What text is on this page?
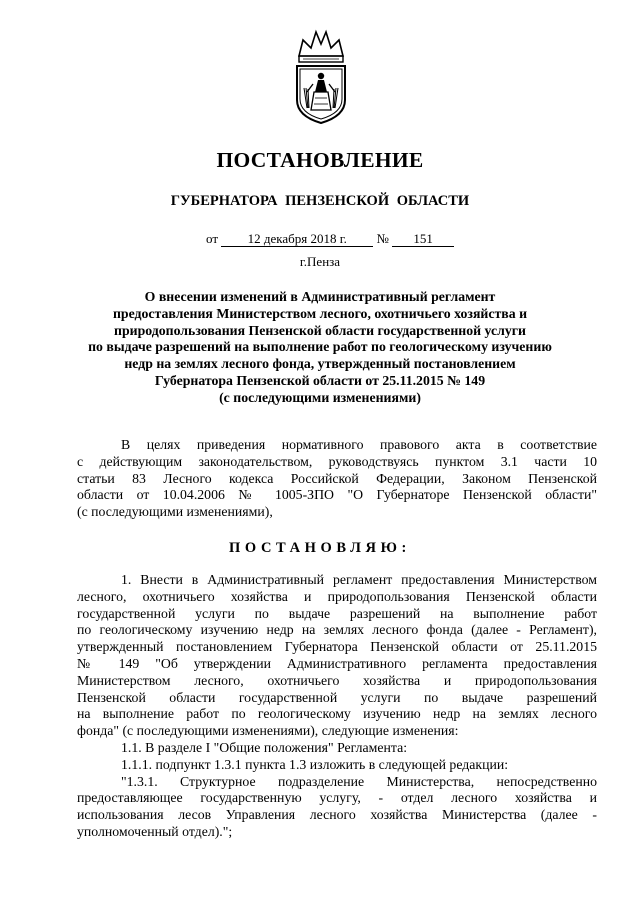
ПОСТАНОВЛЕНИЕ
ГУБЕРНАТОРА ПЕНЗЕНСКОЙ ОБЛАСТИ
от 12 декабря 2018 г. № 151
г.Пенза
О внесении изменений в Административный регламент
предоставления Министерством лесного, охотничьего хозяйства и
природопользования Пензенской области государственной услуги
по выдаче разрешений на выполнение работ по геологическому изучению
недр на землях лесного фонда, утвержденный постановлением
Губернатора Пензенской области от 25.11.2015 № 149
(с последующими изменениями)
В целях приведения нормативного правового акта в соответствие
с действующим законодательством, руководствуясь пунктом 3.1 части 10
статьи 83 Лесного кодекса Российской Федерации, Законом Пензенской
области от 10.04.2006 № 1005-ЗПО "О Губернаторе Пензенской области"
(с последующими изменениями),
ПОСТАНОВЛЯЮ:
1. Внести в Административный регламент предоставления Министерством
лесного, охотничьего хозяйства и природопользования Пензенской области
государственной услуги по выдаче разрешений на выполнение работ
по геологическому изучению недр на землях лесного фонда (далее - Регламент),
утвержденный постановлением Губернатора Пензенской области от 25.11.2015
№ 149 "Об утверждении Административного регламента предоставления
Министерством лесного, охотничьего хозяйства и природопользования
Пензенской области государственной услуги по выдаче разрешений
на выполнение работ по геологическому изучению недр на землях лесного
фонда" (с последующими изменениями), следующие изменения:
1.1. В разделе I "Общие положения" Регламента:
1.1.1. подпункт 1.3.1 пункта 1.3 изложить в следующей редакции:
"1.3.1. Структурное подразделение Министерства, непосредственно
предоставляющее государственную услугу, - отдел лесного хозяйства и
использования лесов Управления лесного хозяйства Министерства (далее -
уполномоченный отдел).";
